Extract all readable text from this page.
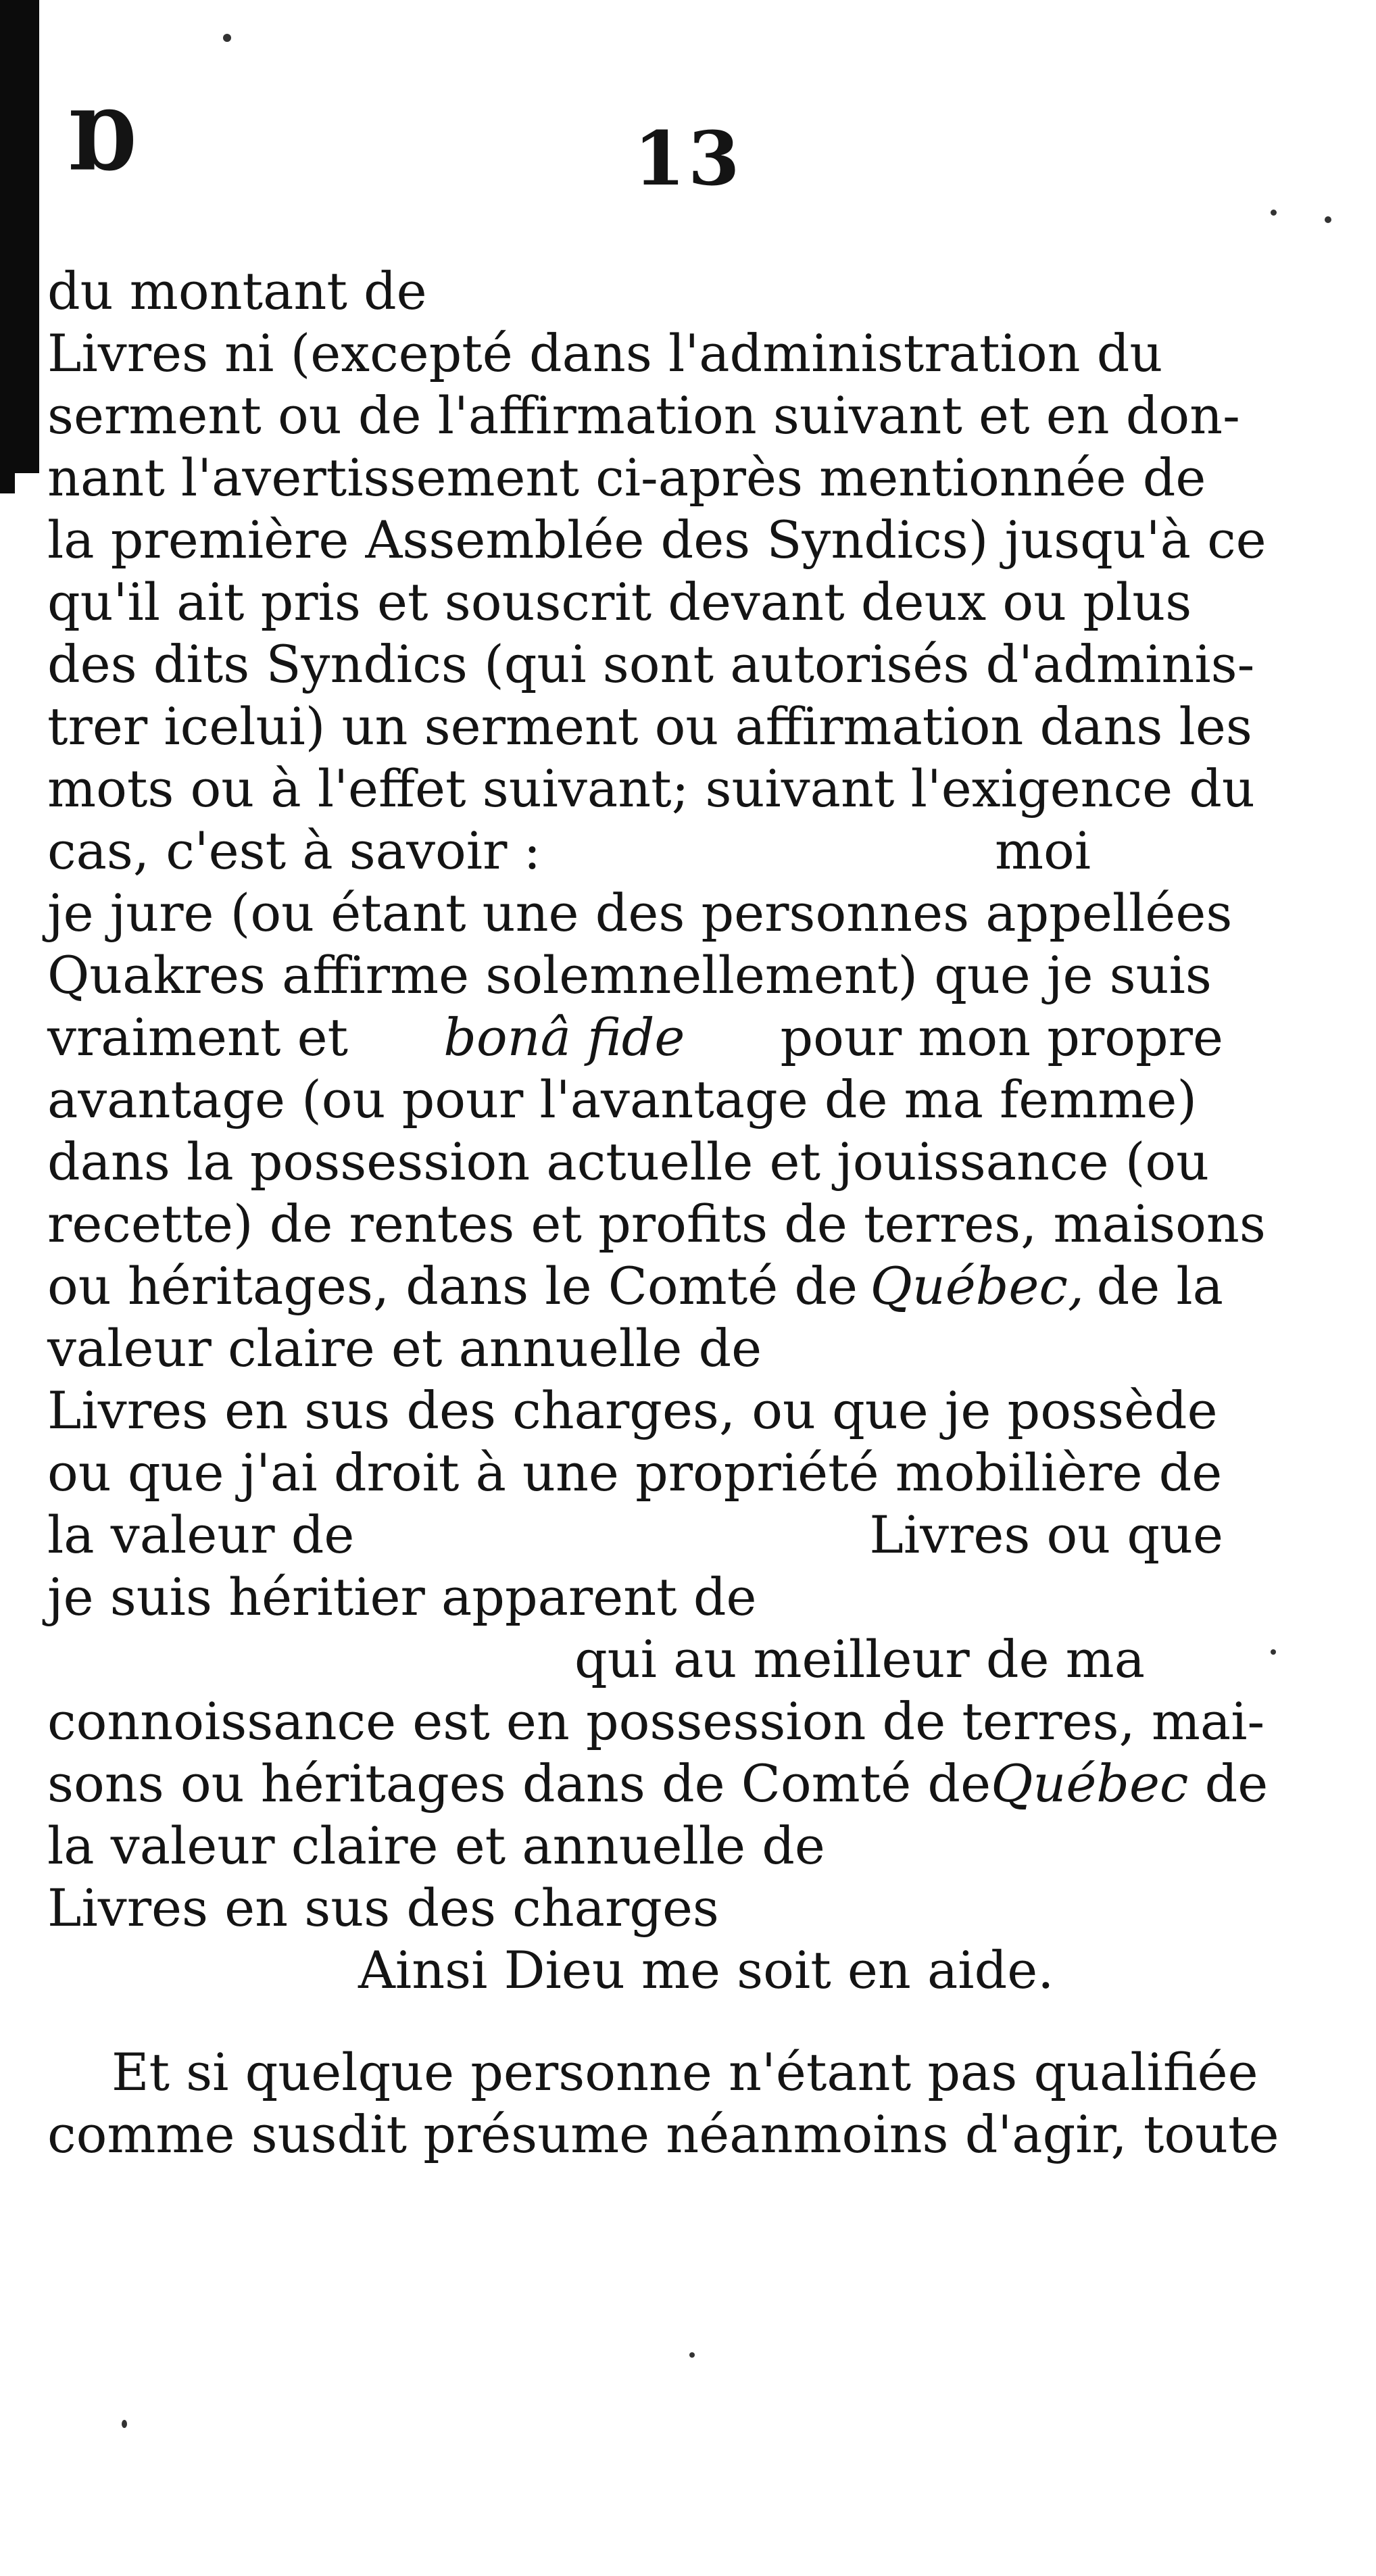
Ɒ	13
du montant de
Livres ni (excepté dans l'administration du
serment ou de l'affirmation suivant et en don-
nant l'avertissement ci-après mentionnée de
la première Assemblée des Syndics) jusqu'à ce
qu'il ait pris et souscrit devant deux ou plus
des dits Syndics (qui sont autorisés d'adminis-
trer icelui) un serment ou affirmation dans les
mots ou à l'effet suivant; suivant l'exigence du
cas, c'est à savoir :	moi
je jure (ou étant une des personnes appellées
Quakres affirme solemnellement) que je suis
vraiment et bonâ fide pour mon propre
avantage (ou pour l'avantage de ma femme)
dans la possession actuelle et jouissance (ou
recette) de rentes et profits de terres, maisons
ou héritages, dans le Comté de Québec, de la
valeur claire et annuelle de
Livres en sus des charges, ou que je possède
ou que j'ai droit à une propriété mobilière de
la valeur de	Livres ou que
je suis héritier apparent de
qui au meilleur de ma
connoissance est en possession de terres, mai-
sons ou héritages dans de Comté de Québec de
la valeur claire et annuelle de
Livres en sus des charges
Ainsi Dieu me soit en aide.
Et si quelque personne n'étant pas qualifiée
comme susdit présume néanmoins d'agir, toute
